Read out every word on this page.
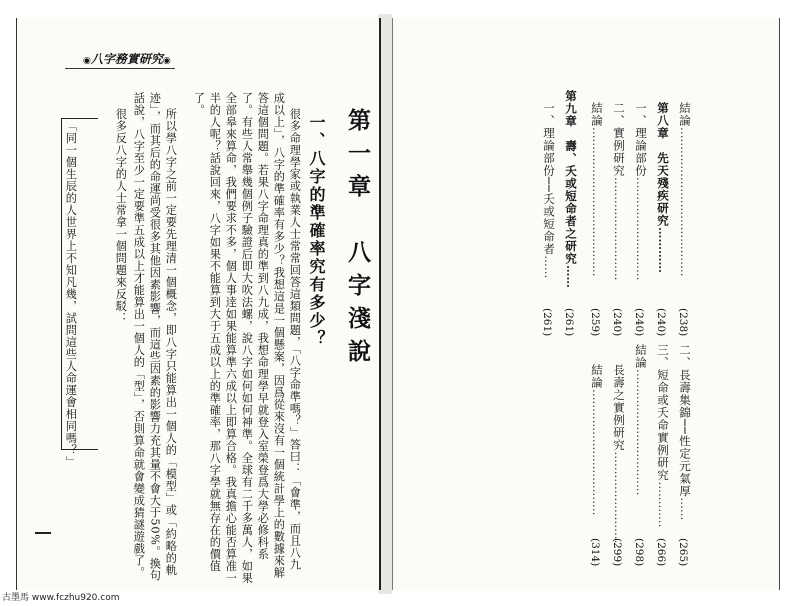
◉八字務實研究◉
第一章　八字淺說
一、八字的準確率究有多少？
很多命理學家或執業人士常常回答這類問題，「八字命準嗎？」答曰：「會準，而且八九
成以上」，八字的準確率有多少？我想這是一個懸案，因爲從來沒有一個統計學上的數據來解
答這個問題。若果八字命理真的準到八九成，我想命理學早就登入室榮登爲大學必修科系
了。有些人常舉幾個例子驗證后即大吹法螺，說八字如何如何神準。全球有二千多萬人，如果
全部皋來算命，我們要求不多，個人事逹如果能算準六成以上即算合格。我真擔心能否算准一
半的人呢？話說回來，八字如果不能算到大于五成以上的準確率，那八字學就無存在的價值
了。
所以學八字之前一定要先理清一個概念，即八字只能算出一個人的「模型」或「約略的軌
迹」，而其后的命運尚受很多其他因素影響，而這些因素的影響力充其量不會大于50%。換句
話說，八字至少一定要準五成以上才能算出一個人的「型」，否則算命就會變成猜謎遊戲了。
很多反八字的人士常拿一個問題來反駁：
「同一個生辰的人世界上不知凡幾，試問這些人命運會相同嗎？」
結論…………………………………
(238)
第八章　先天殘疾研究…………
(240)
一、理論部份………………………
(240)
二、實例研究………………………
(240)
結論…………………………………
(259)
第九章　壽、夭或短命者之研究……
(261)
一、理論部份──夭或短命者……
(261)
二、長壽集錦──性定元氣厚……
(265)
三、短命或夭命實例研究…………
(266)
結論……………………………
(298)
長壽之實例研究……………………
(299)
結論……………………………
(314)
古墨馬 www.fczhu920.com
